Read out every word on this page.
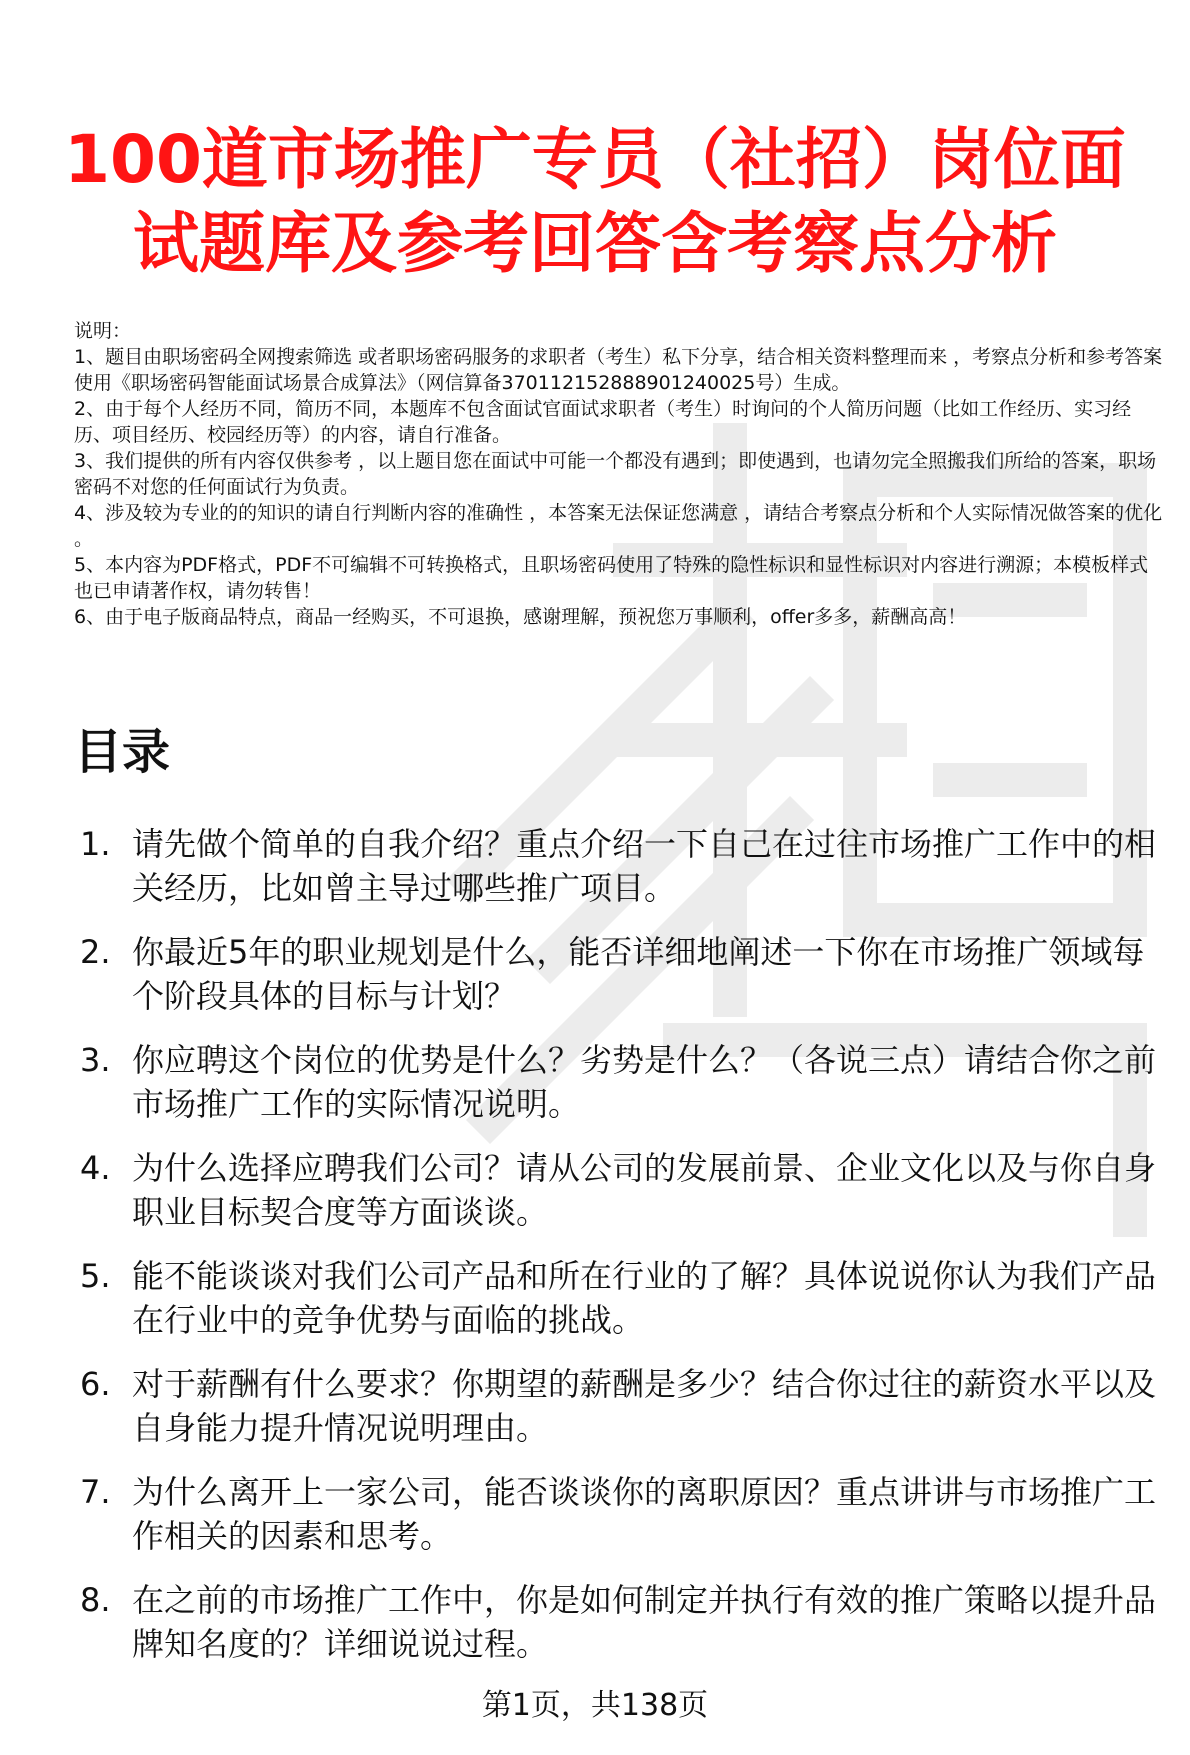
100道市场推广专员（社招）岗位面
试题库及参考回答含考察点分析

说明：

1、题目由职场密码全网搜索筛选 或者职场密码服务的求职者（考生）私下分享，结合相关资料整理而来 ，考察点分析和参考答案使用《职场密码智能面试场景合成算法》（网信算备370112152888901240025号）生成。

2、由于每个人经历不同，简历不同，本题库不包含面试官面试求职者（考生）时询问的个人简历问题（比如工作经历、实习经历、项目经历、校园经历等）的内容，请自行准备。

3、我们提供的所有内容仅供参考 ，以上题目您在面试中可能一个都没有遇到；即使遇到，也请勿完全照搬我们所给的答案，职场密码不对您的任何面试行为负责。

4、涉及较为专业的的知识的请自行判断内容的准确性 ，本答案无法保证您满意 ，请结合考察点分析和个人实际情况做答案的优化 。

5、本内容为PDF格式，PDF不可编辑不可转换格式，且职场密码使用了特殊的隐性标识和显性标识对内容进行溯源；本模板样式也已申请著作权，请勿转售！

6、由于电子版商品特点，商品一经购买，不可退换，感谢理解，预祝您万事顺利，offer多多，薪酬高高！

目录
1. 请先做个简单的自我介绍？重点介绍一下自己在过往市场推广工作中的相关经历，比如曾主导过哪些推广项目。
2. 你最近5年的职业规划是什么，能否详细地阐述一下你在市场推广领域每个阶段具体的目标与计划？
3. 你应聘这个岗位的优势是什么？劣势是什么？（各说三点）请结合你之前市场推广工作的实际情况说明。
4. 为什么选择应聘我们公司？请从公司的发展前景、企业文化以及与你自身职业目标契合度等方面谈谈。
5. 能不能谈谈对我们公司产品和所在行业的了解？具体说说你认为我们产品在行业中的竞争优势与面临的挑战。
6. 对于薪酬有什么要求？你期望的薪酬是多少？结合你过往的薪资水平以及自身能力提升情况说明理由。
7. 为什么离开上一家公司，能否谈谈你的离职原因？重点讲讲与市场推广工作相关的因素和思考。
8. 在之前的市场推广工作中，你是如何制定并执行有效的推广策略以提升品牌知名度的？详细说说过程。
第1页，共138页
